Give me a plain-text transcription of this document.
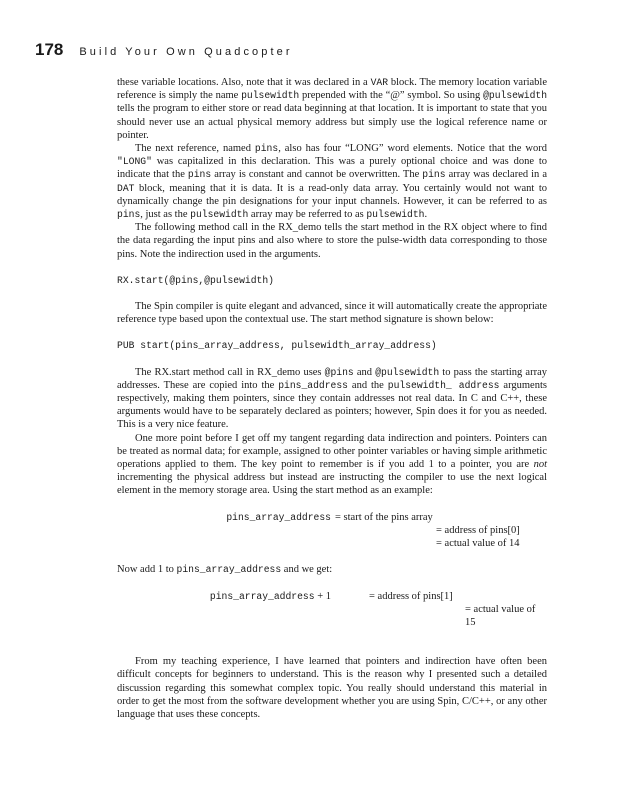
178 Build Your Own Quadcopter

these variable locations. Also, note that it was declared in a VAR block. The memory location variable reference is simply the name pulsewidth prepended with the “@” symbol. So using @pulsewidth tells the program to either store or read data beginning at that location. It is important to state that you should never use an actual physical memory address but simply use the logical reference name or pointer.

The next reference, named pins, also has four “LONG” word elements. Notice that the word "LONG" was capitalized in this declaration. This was a purely optional choice and was done to indicate that the pins array is constant and cannot be overwritten. The pins array was declared in a DAT block, meaning that it is data. It is a read-only data array. You certainly would not want to dynamically change the pin designations for your input channels. However, it can be referred to as pins, just as the pulsewidth array may be referred to as pulsewidth.

The following method call in the RX_demo tells the start method in the RX object where to find the data regarding the input pins and also where to store the pulse-width data corresponding to those pins. Note the indirection used in the arguments.

RX.start(@pins,@pulsewidth)

The Spin compiler is quite elegant and advanced, since it will automatically create the appropriate reference type based upon the contextual use. The start method signature is shown below:

PUB start(pins_array_address, pulsewidth_array_address)

The RX.start method call in RX_demo uses @pins and @pulsewidth to pass the starting array addresses. These are copied into the pins_address and the pulsewidth_ address arguments respectively, making them pointers, since they contain addresses not real data. In C and C++, these arguments would have to be separately declared as pointers; however, Spin does it for you as needed. This is a very nice feature.

One more point before I get off my tangent regarding data indirection and pointers. Pointers can be treated as normal data; for example, assigned to other pointer variables or having simple arithmetic operations applied to them. The key point to remember is if you add 1 to a pointer, you are not incrementing the physical address but instead are instructing the compiler to use the next logical element in the memory storage area. Using the start method as an example:

pins_array_address = start of the pins array
= address of pins[0]
= actual value of 14

Now add 1 to pins_array_address and we get:

pins_array_address + 1	= address of pins[1]
= actual value of 15

From my teaching experience, I have learned that pointers and indirection have often been difficult concepts for beginners to understand. This is the reason why I presented such a detailed discussion regarding this somewhat complex topic. You really should understand this material in order to get the most from the software development whether you are using Spin, C/C++, or any other language that uses these concepts.
